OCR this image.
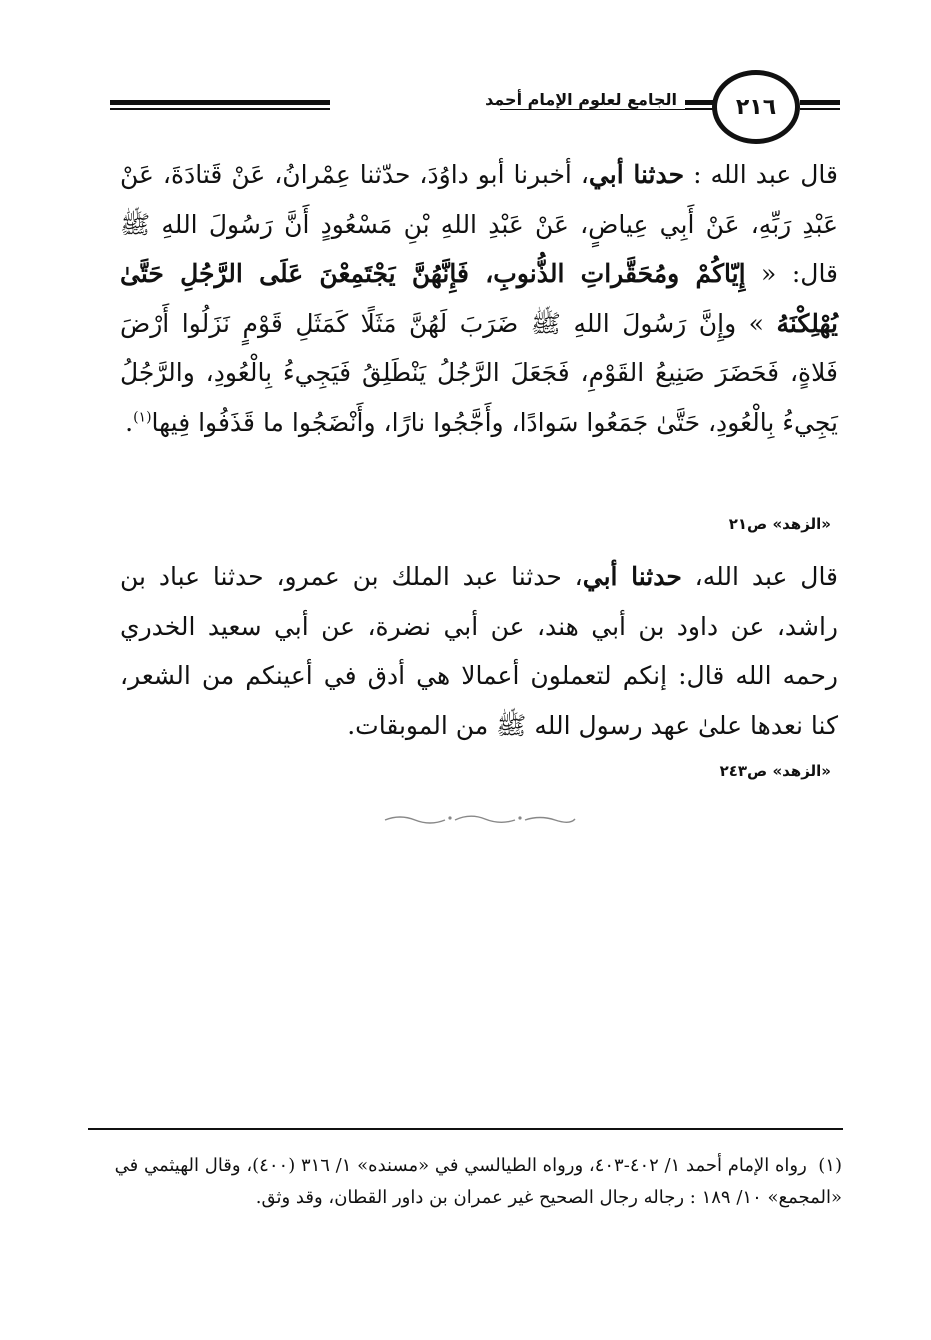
الجامع لعلوم الإمام أحمد	٢١٦
قال عبد الله : حدثنا أبي، أخبرنا أبو داوُدَ، حدّثنا عِمْرانُ، عَنْ قَتادَةَ، عَنْ عَبْدِ رَبِّهِ، عَنْ أَبِي عِياضٍ، عَنْ عَبْدِ اللهِ بْنِ مَسْعُودٍ أَنَّ رَسُولَ اللهِ ﷺ قال: « إِيّاكُمْ ومُحَقَّراتِ الذُّنوبِ، فَإِنَّهُنَّ يَجْتَمِعْنَ عَلَى الرَّجُلِ حَتَّىٰ يُهْلِكْنَهُ » وإِنَّ رَسُولَ اللهِ ﷺ ضَرَبَ لَهُنَّ مَثَلًا كَمَثَلِ قَوْمٍ نَزَلُوا أَرْضَ فَلاةٍ، فَحَضَرَ صَنِيعُ القَوْمِ، فَجَعَلَ الرَّجُلُ يَنْطَلِقُ فَيَجِيءُ بِالْعُودِ، والرَّجُلُ يَجِيءُ بِالْعُودِ، حَتَّىٰ جَمَعُوا سَوادًا، وأَجَّجُوا نارًا، وأَنْضَجُوا ما قَذَفُوا فِيها$^{(١)}$.
«الزهد» ص٢١
قال عبد الله، حدثنا أبي، حدثنا عبد الملك بن عمرو، حدثنا عباد بن راشد، عن داود بن أبي هند، عن أبي نضرة، عن أبي سعيد الخدري رحمه الله قال: إنكم لتعملون أعمالا هي أدق في أعينكم من الشعر، كنا نعدها علىٰ عهد رسول الله ﷺ من الموبقات.
«الزهد» ص٢٤٣
(١)  رواه الإمام أحمد ١/ ٤٠٢-٤٠٣، ورواه الطيالسي في «مسنده» ١/ ٣١٦ (٤٠٠)، وقال الهيثمي في «المجمع» ١٠/ ١٨٩ : رجاله رجال الصحيح غير عمران بن داور القطان، وقد وثق.
